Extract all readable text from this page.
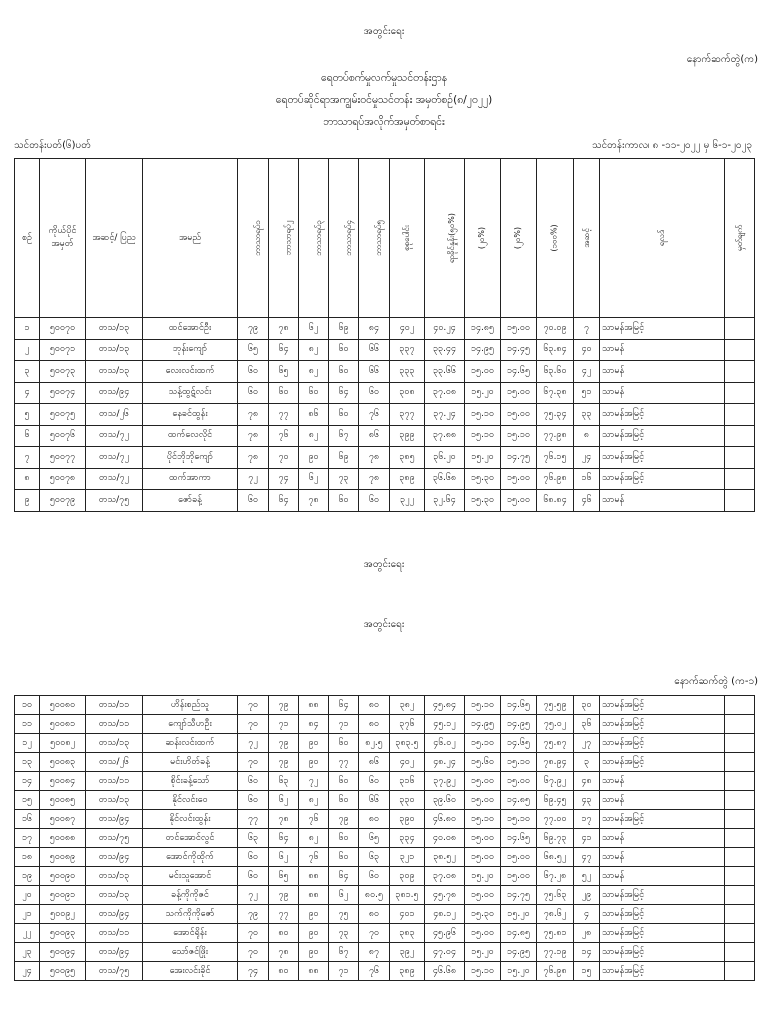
အတွင်းရေး
နောက်ဆက်တွဲ(က)
ရေတပ်စက်မှုလက်မှုသင်တန်းဌာန
ရေတပ်ဆိုင်ရာအကျွမ်းဝင်မှုသင်တန်း အမှတ်စဉ်(၈/၂၀၂၂)
ဘာသာရပ်အလိုက်အမှတ်စာရင်း
သင်တန်းပတ်(၆)ပတ်	သင်တန်းကာလ၊ ၈ -၁၁-၂၀၂၂ မှ ၆-၁-၂၀၂၃
စဉ်	ကိုယ်ပိုင် အမှတ်	အဆင့်/ ပြည	အမည်	ဘာသာရပ်၁	ဘာသာရပ်၂	ဘာသာရပ်၃	ဘာသာရပ်၄	ဘာသာရပ်၅	စုစုပေါင်း	ရာခိုင်နှုန်း(၅၀%)	(၂၀%)	(၂၀%)	(၁၀၀%)	အဆင့်	ရလဒ်	မှတ်ချက်
၁	၅၀၀၇၀	တသ/၁၃	ထင်အောင်ဦး	၇၉	၇၈	၆၂	၆၉	၈၄	၄၀၂	၄၀.၂၄	၁၄.၈၅	၁၅.၀၀	၇၀.၀၉	၇	သာမန်အမြင့်	
၂	၅၀၀၇၁	တသ/၁၃	ဘုန်းကျော်	၆၅	၆၄	၈၂	၆၀	၆၆	၃၃၇	၃၃.၄၄	၁၄.၉၅	၁၄.၄၅	၆၃.၈၄	၄၀	သာမန်	
၃	၅၀၀၇၃	တသ/၁၃	လေးလင်းထက်	၆၀	၆၅	၈၂	၆၀	၆၆	၃၃၃	၃၃.၆၆	၁၅.၀၀	၁၄.၆၅	၆၃.၆၀	၄၂	သာမန်	
၄	၅၀၀၇၄	တသ/၉၄	သန့်ထွဋ်လင်း	၆၀	၆၀	၆၀	၆၄	၆၀	၃၀၈	၃၇.၀၈	၁၅.၂၀	၁၅.၀၀	၆၇.၃၈	၅၁	သာမန်	
၅	၅၀၀၇၅	တသ/၂၆	နေခင်ထွန်း	၇၈	၇၇	၈၆	၆၀	၇၆	၃၇၇	၃၇.၂၄	၁၅.၁၀	၁၅.၀၀	၇၅.၃၄	၃၃	သာမန်အမြင့်	
၆	၅၀၀၇၆	တသ/၇၂	ထက်လေလိုင်	၇၈	၇၆	၈၂	၆၇	၈၆	၃၉၉	၃၇.၈၈	၁၅.၁၀	၁၅.၁၀	၇၇.၉၈	၈	သာမန်အမြင့်	
၇	၅၀၀၇၇	တသ/၇၂	ပိုင်ဘိုဘိုကျော်	၇၈	၇၀	၉၀	၆၉	၇၈	၃၈၅	၃၆.၂၀	၁၅.၂၀	၁၄.၇၅	၇၆.၁၅	၂၄	သာမန်အမြင့်	
၈	၅၀၀၇၈	တသ/၇၂	ထက်အာကာ	၇၂	၇၄	၆၂	၇၃	၇၈	၃၈၉	၃၆.၆၈	၁၅.၃၀	၁၅.၀၀	၇၆.၉၈	၁၆	သာမန်အမြင့်	
၉	၅၀၀၇၉	တသ/၇၅	ဇော်ခန့်	၆၀	၆၄	၇၈	၆၀	၆၀	၃၂၂	၃၂.၆၄	၁၅.၃၀	၁၅.၀၀	၆၈.၈၄	၄၆	သာမန်	
အတွင်းရေး
အတွင်းရေး
နောက်ဆက်တွဲ (က-၁)
၁၀	၅၀၀၈၀	တသ/၁၁	ဟိန်းစည်သူ	၇၀	၇၉	၈၈	၆၄	၈၀	၃၈၂	၄၅.၈၄	၁၅.၁၀	၁၄.၆၅	၇၅.၅၉	၃၀	သာမန်အမြင့်	
၁၁	၅၀၀၈၁	တသ/၁၁	ကျော်သီဟဦး	၇၀	၇၁	၈၄	၇၁	၈၀	၃၇၆	၄၅.၁၂	၁၄.၉၅	၁၄.၉၅	၇၅.၀၂	၃၆	သာမန်အမြင့်	
၁၂	၅၀၀၈၂	တသ/၁၃	ဆန်းလင်းထက်	၇၂	၇၉	၉၀	၆၀	၈၂.၅	၃၈၃.၅	၄၆.၀၂	၁၅.၁၀	၁၄.၆၅	၇၅.၈၇	၂၇	သာမန်အမြင့်	
၁၃	၅၀၀၈၃	တသ/၂၆	မင်းဟိတ်ခန့်	၇၀	၇၉	၉၀	၇၇	၈၆	၄၀၂	၄၈.၂၄	၁၅.၆၀	၁၅.၁၀	၇၈.၉၄	၃	သာမန်အမြင့်	
၁၄	၅၀၀၈၄	တသ/၁၁	စိုင်းခန့်သော်	၆၀	၆၃	၇၂	၆၀	၆၀	၃၁၆	၃၇.၉၂	၁၅.၀၀	၁၅.၀၀	၆၇.၉၂	၄၈	သာမန်	
၁၅	၅၀၀၈၅	တသ/၁၃	နိုင်လင်းဝေ	၆၀	၆၂	၈၂	၆၀	၆၆	၃၃၀	၃၉.၆၀	၁၅.၀၀	၁၄.၈၅	၆၉.၄၅	၄၃	သာမန်	
၁၆	၅၀၀၈၇	တသ/၉၄	နိုင်လင်းထွန်း	၇၇	၇၈	၇၆	၇၉	၈၀	၃၉၀	၄၆.၈၀	၁၅.၁၀	၁၅.၁၀	၇၇.၀၀	၁၇	သာမန်အမြင့်	
၁၇	၅၀၀၈၈	တသ/၇၅	တင်အောင်လွင်	၆၃	၆၄	၈၂	၆၀	၆၅	၃၃၄	၄၀.၀၈	၁၅.၀၀	၁၄.၆၅	၆၉.၇၃	၄၁	သာမန်	
၁၈	၅၀၀၈၉	တသ/၉၄	အောင်ကိုထိုက်	၆၀	၆၂	၇၆	၆၀	၆၃	၃၂၁	၃၈.၅၂	၁၅.၀၀	၁၅.၀၀	၆၈.၅၂	၄၇	သာမန်	
၁၉	၅၀၀၉၀	တသ/၁၃	မင်းသူအောင်	၆၀	၆၅	၈၈	၆၄	၆၀	၃၀၉	၃၇.၀၈	၁၅.၂၀	၁၅.၀၀	၆၇.၂၈	၅၂	သာမန်	
၂၀	၅၀၀၉၁	တသ/၁၃	ခန့်ကိုကိုဇင်	၇၂	၇၉	၈၈	၆၂	၈၀.၅	၃၈၁.၅	၄၅.၇၈	၁၅.၀၀	၁၄.၇၅	၇၅.၆၃	၂၉	သာမန်အမြင့်	
၂၁	၅၀၀၉၂	တသ/၉၄	သက်ကိုကိုဇော်	၇၉	၇၇	၉၀	၇၅	၈၀	၄၀၁	၄၈.၁၂	၁၅.၃၀	၁၅.၂၀	၇၈.၆၂	၄	သာမန်အမြင့်	
၂၂	၅၀၀၉၃	တသ/၁၁	အောင်ရိုန်း	၇၀	၈၀	၉၀	၇၃	၇၀	၃၈၃	၄၅.၉၆	၁၅.၀၀	၁၄.၈၅	၇၅.၈၁	၂၈	သာမန်အမြင့်	
၂၃	၅၀၀၉၄	တသ/၉၄	သော်ဇင်ဖြိုး	၇၀	၇၈	၉၀	၆၇	၈၇	၃၉၂	၄၇.၀၄	၁၅.၂၀	၁၄.၉၅	၇၇.၁၉	၁၄	သာမန်အမြင့်	
၂၄	၅၀၀၉၅	တသ/၇၅	အေးလင်းခိုင်	၇၄	၈၀	၈၈	၇၁	၇၆	၃၈၉	၄၆.၆၈	၁၅.၁၀	၁၅.၂၀	၇၆.၉၈	၁၅	သာမန်အမြင့်	
